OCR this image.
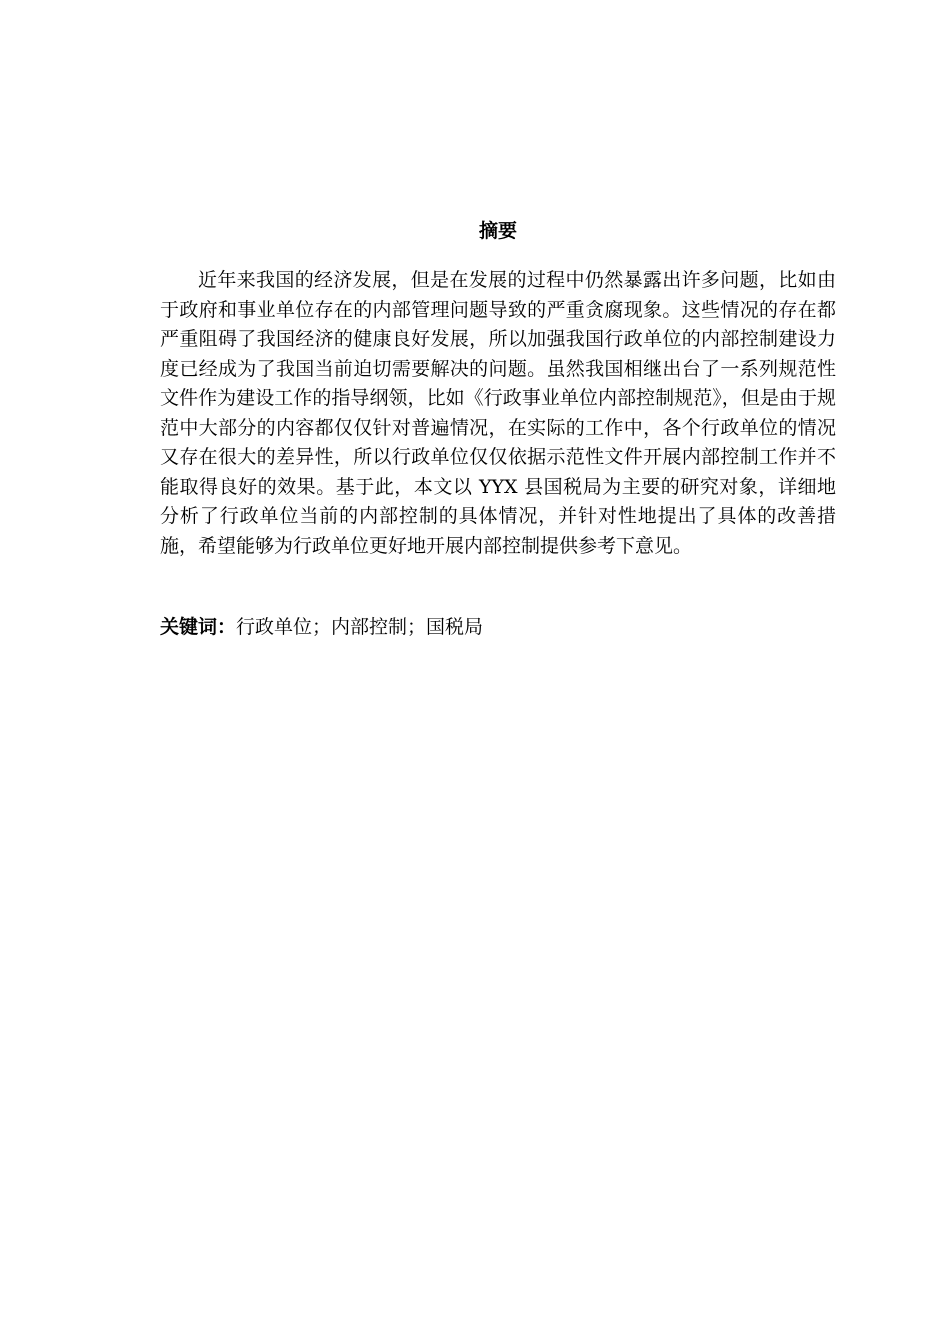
摘要

近年来我国的经济发展，但是在发展的过程中仍然暴露出许多问题，比如由于政府和事业单位存在的内部管理问题导致的严重贪腐现象。这些情况的存在都严重阻碍了我国经济的健康良好发展，所以加强我国行政单位的内部控制建设力度已经成为了我国当前迫切需要解决的问题。虽然我国相继出台了一系列规范性文件作为建设工作的指导纲领，比如《行政事业单位内部控制规范》，但是由于规范中大部分的内容都仅仅针对普遍情况，在实际的工作中，各个行政单位的情况又存在很大的差异性，所以行政单位仅仅依据示范性文件开展内部控制工作并不能取得良好的效果。基于此，本文以 YYX 县国税局为主要的研究对象，详细地分析了行政单位当前的内部控制的具体情况，并针对性地提出了具体的改善措施，希望能够为行政单位更好地开展内部控制提供参考下意见。

关键词：行政单位；内部控制；国税局
